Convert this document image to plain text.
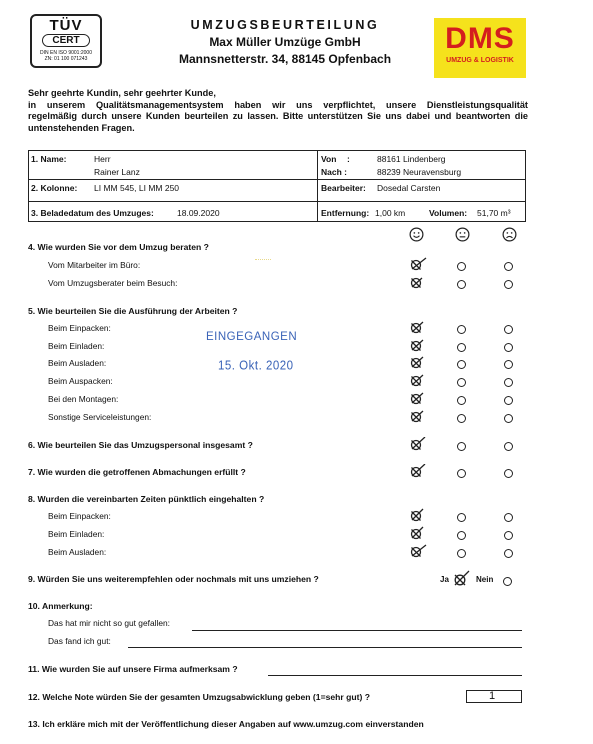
TÜV
CERT
DIN EN ISO 9001:2000
ZN: 01 100 071243
UMZUGSBEURTEILUNG
Max Müller Umzüge GmbH
Mannsnetterstr. 34, 88145 Opfenbach
DMS
UMZUG & LOGISTIK

Sehr geehrte Kundin, sehr geehrter Kunde,

in unserem Qualitätsmanagementsystem haben wir uns verpflichtet, unsere Dienstleistungsqualität

regelmäßig durch unsere Kunden beurteilen zu lassen. Bitte unterstützen Sie uns dabei und beantworten die

untenstehenden Fragen.

1. Name:	Herr
Rainer Lanz
2. Kolonne: LI MM 545, LI MM 250
3. Beladedatum des Umzuges:	18.09.2020
Von :	88161 Lindenberg
Nach :	88239 Neuravensburg
Bearbeiter: Dosedal Carsten
Entfernung: 1,00 km	Volumen: 51,70 m³
4. Wie wurden Sie vor dem Umzug beraten ?
Vom Mitarbeiter im Büro:
Vom Umzugsberater beim Besuch:
5. Wie beurteilen Sie die Ausführung der Arbeiten ?
Beim Einpacken:
Beim Einladen:
Beim Ausladen:
Beim Auspacken:
Bei den Montagen:
Sonstige Serviceleistungen:
6. Wie beurteilen Sie das Umzugspersonal insgesamt ?
7. Wie wurden die getroffenen Abmachungen erfüllt ?
8. Wurden die vereinbarten Zeiten pünktlich eingehalten ?
Beim Einpacken:
Beim Einladen:
Beim Ausladen:
9. Würden Sie uns weiterempfehlen oder nochmals mit uns umziehen ?	Ja	Nein
10. Anmerkung:
Das hat mir nicht so gut gefallen:
Das fand ich gut:
11. Wie wurden Sie auf unsere Firma aufmerksam ?
12. Welche Note würden Sie der gesamten Umzugsabwicklung geben (1=sehr gut) ?	1
13. Ich erkläre mich mit der Veröffentlichung dieser Angaben auf www.umzug.com einverstanden
EINGEGANGEN
15. Okt. 2020
